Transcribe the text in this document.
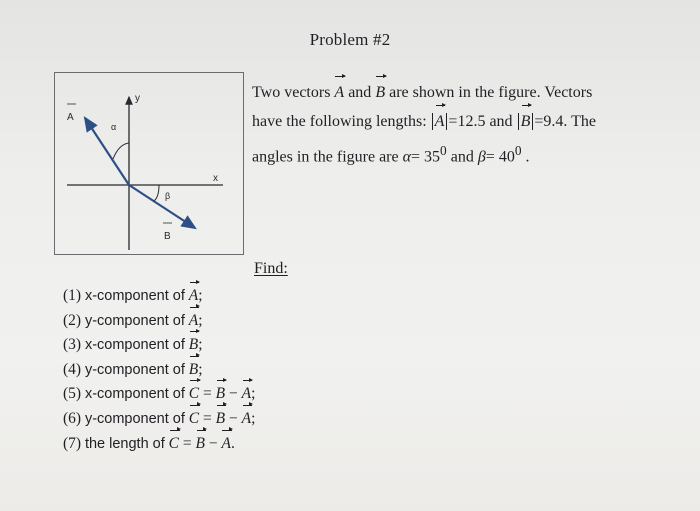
Problem #2
y
x
A
α
β
B
Two vectors A and B are shown in the figure. Vectors
have the following lengths: A =12.5 and B =9.4. The
angles in the figure are $\alpha= 35^0$ and $\beta= 40^0$ .
Find:
(1) x-component of A;
(2) y-component of A;
(3) x-component of B;
(4) y-component of B;
(5) x-component of C = B − A;
(6) y-component of C = B − A;
(7) the length of C = B − A.
